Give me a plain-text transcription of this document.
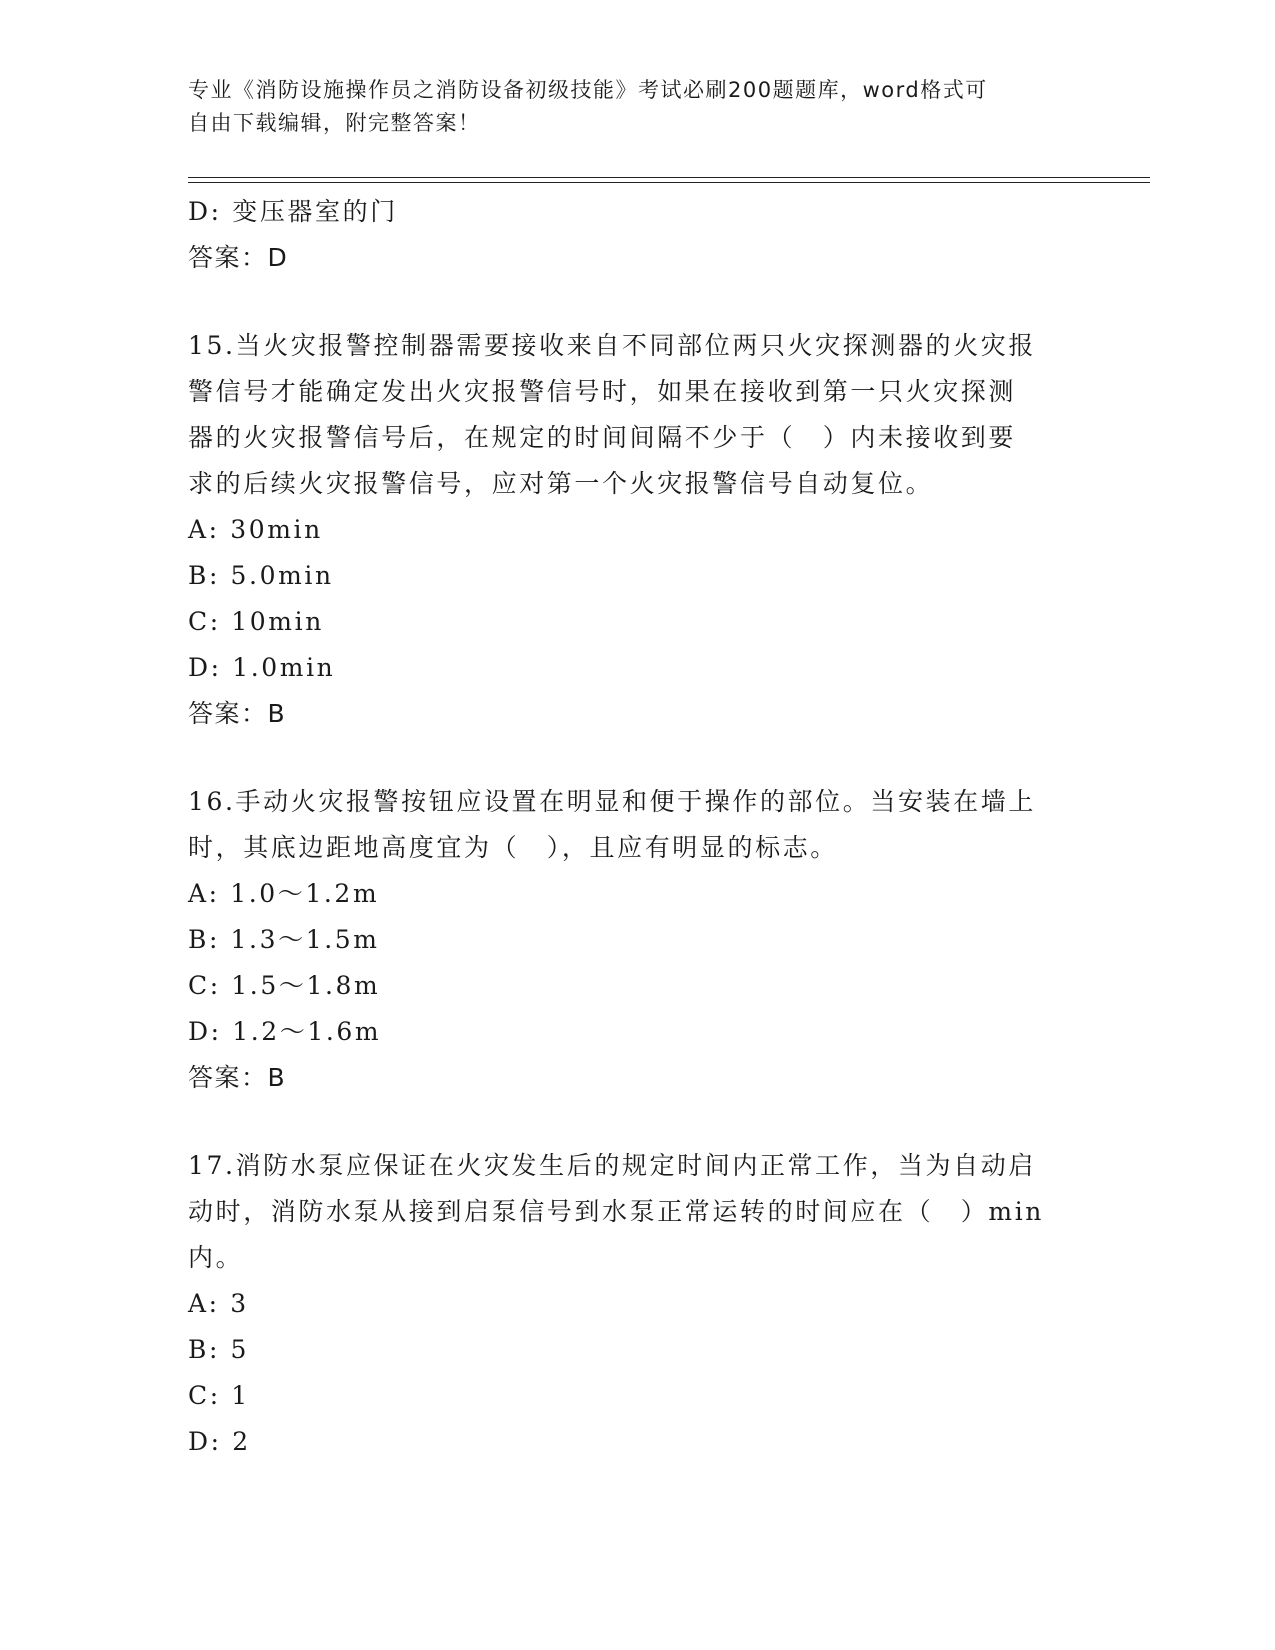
专业《消防设施操作员之消防设备初级技能》考试必刷200题题库，word格式可
自由下载编辑，附完整答案！
D: 变压器室的门
答案：D
15.当火灾报警控制器需要接收来自不同部位两只火灾探测器的火灾报
警信号才能确定发出火灾报警信号时，如果在接收到第一只火灾探测
器的火灾报警信号后，在规定的时间间隔不少于（　）内未接收到要
求的后续火灾报警信号，应对第一个火灾报警信号自动复位。
A: 30min
B: 5.0min
C: 10min
D: 1.0min
答案：B
16.手动火灾报警按钮应设置在明显和便于操作的部位。当安装在墙上
时，其底边距地高度宜为（　），且应有明显的标志。
A: 1.0～1.2m
B: 1.3～1.5m
C: 1.5～1.8m
D: 1.2～1.6m
答案：B
17.消防水泵应保证在火灾发生后的规定时间内正常工作，当为自动启
动时，消防水泵从接到启泵信号到水泵正常运转的时间应在（　）min
内。
A: 3
B: 5
C: 1
D: 2
